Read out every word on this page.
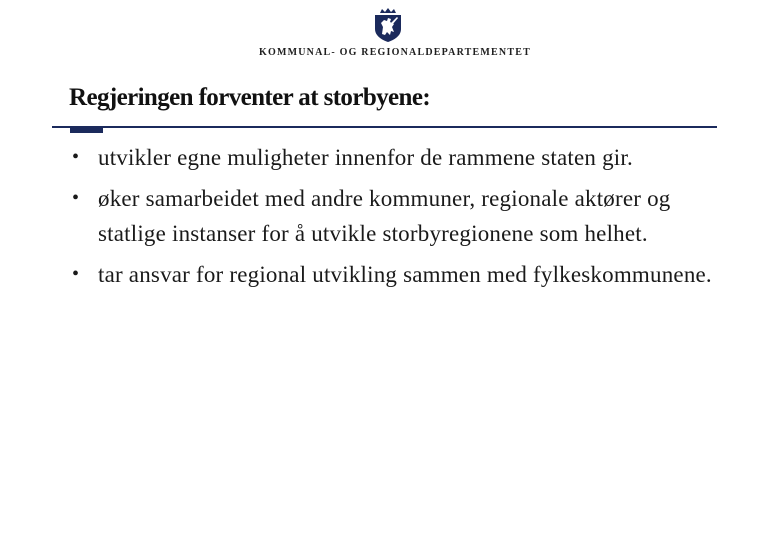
KOMMUNAL- OG REGIONALDEPARTEMENTET
Regjeringen forventer at storbyene:
• utvikler egne muligheter innenfor de rammene staten gir.
• øker samarbeidet med andre kommuner, regionale aktører og statlige instanser for å utvikle storbyregionene som helhet.
• tar ansvar for regional utvikling sammen med fylkeskommunene.
